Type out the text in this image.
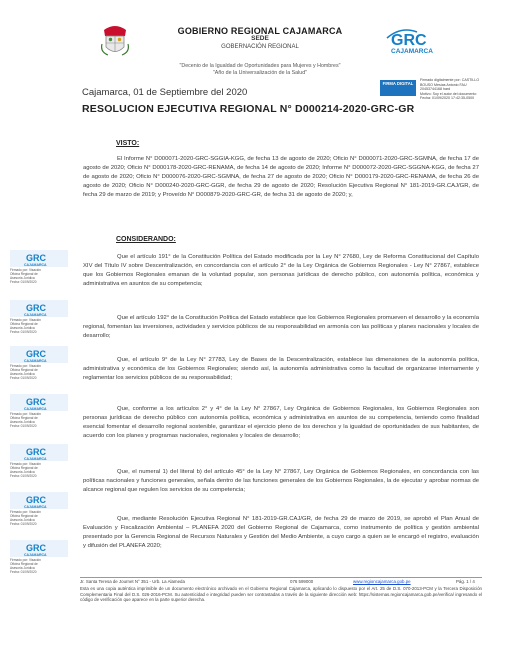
GOBIERNO REGIONAL CAJAMARCA
SEDE
GOBERNACIÓN REGIONAL	GRC
CAJAMARCA
"Decenio de la Igualdad de Oportunidades para Mujeres y Hombres"
"Año de la Universalización de la Salud"
FIRMA DIGITAL
Firmado digitalmente por: CASTILLO
BOUSO Mesías Antonio FAU
20453744168 hard
Motivo: Soy el autor del documento
Fecha: 01/09/2020 17:42:35-0500
Cajamarca, 01 de Septiembre del 2020
RESOLUCION EJECUTIVA REGIONAL N° D000214-2020-GRC-GR
VISTO:
El Informe N° D000071-2020-GRC-SGGIA-KGG, de fecha 13 de agosto de 2020; Oficio N° D000071-2020-GRC-SGMNA, de fecha 17 de agosto de 2020; Oficio N° D000178-2020-GRC-RENAMA, de fecha 14 de agosto de 2020; Informe N° D000072-2020-GRC-SGGNA-KGG, de fecha 27 de agosto de 2020; Oficio N° D000076-2020-GRC-SGMNA, de fecha 27 de agosto de 2020; Oficio N° D000179-2020-GRC-RENAMA, de fecha 26 de agosto de 2020; Oficio N° D000240-2020-GRC-GGR, de fecha 29 de agosto de 2020; Resolución Ejecutiva Regional N° 181-2019-GR.CAJ/GR, de fecha 29 de marzo de 2019; y Proveído N° D000879-2020-GRC-GR, de fecha 31 de agosto de 2020; y,
CONSIDERANDO:
Que el artículo 191° de la Constitución Política del Estado modificada por la Ley N° 27680, Ley de Reforma Constitucional del Capítulo XIV del Título IV sobre Descentralización, en concordancia con el artículo 2° de la Ley Orgánica de Gobiernos Regionales - Ley N° 27867, establece que los Gobiernos Regionales emanan de la voluntad popular, son personas jurídicas de derecho público, con autonomía política, económica y administrativa en asuntos de su competencia;
Que el artículo 192° de la Constitución Política del Estado establece que los Gobiernos Regionales promueven el desarrollo y la economía regional, fomentan las inversiones, actividades y servicios públicos de su responsabilidad en armonía con las políticas y planes nacionales y locales de desarrollo;
Que, el artículo 9° de la Ley N° 27783, Ley de Bases de la Descentralización, establece las dimensiones de la autonomía política, administrativa y económica de los Gobiernos Regionales; siendo así, la autonomía administrativa como la facultad de organizarse internamente y reglamentar los servicios públicos de su responsabilidad;
Que, conforme a los artículos 2° y 4° de la Ley N° 27867, Ley Orgánica de Gobiernos Regionales, los Gobiernos Regionales son personas jurídicas de derecho público con autonomía política, económica y administrativa en asuntos de su competencia, teniendo como finalidad esencial fomentar el desarrollo regional sostenible, garantizar el ejercicio pleno de los derechos y la igualdad de oportunidades de sus habitantes, de acuerdo con los planes y programas nacionales, regionales y locales de desarrollo;
Que, el numeral 1) del literal b) del artículo 45° de la Ley N° 27867, Ley Orgánica de Gobiernos Regionales, en concordancia con las políticas nacionales y funciones generales, señala dentro de las funciones generales de los Gobiernos Regionales, la de ejecutar y aprobar normas de alcance regional que regulen los servicios de su competencia;
Que, mediante Resolución Ejecutiva Regional N° 181-2019-GR.CAJ/GR, de fecha 29 de marzo de 2019, se aprobó el Plan Anual de Evaluación y Fiscalización Ambiental – PLANEFA 2020 del Gobierno Regional de Cajamarca, como instrumento de política y gestión ambiental presentado por la Gerencia Regional de Recursos Naturales y Gestión del Medio Ambiente, a cuyo cargo a quien se le encargó el registro, evaluación y difusión del PLANEFA 2020;
GRC
CAJAMARCA
Firmado por: Visación
Oficina Regional de
Asesoría Jurídica
Fecha: 01/09/2020
GRC
CAJAMARCA
Firmado por: Visación
Oficina Regional de
Asesoría Jurídica
Fecha: 01/09/2020
GRC
CAJAMARCA
Firmado por: Visación
Oficina Regional de
Asesoría Jurídica
Fecha: 01/09/2020
GRC
CAJAMARCA
Firmado por: Visación
Oficina Regional de
Asesoría Jurídica
Fecha: 01/09/2020
GRC
CAJAMARCA
Firmado por: Visación
Oficina Regional de
Asesoría Jurídica
Fecha: 01/09/2020
GRC
CAJAMARCA
Firmado por: Visación
Oficina Regional de
Asesoría Jurídica
Fecha: 01/09/2020
GRC
CAJAMARCA
Firmado por: Visación
Oficina Regional de
Asesoría Jurídica
Fecha: 01/09/2020
Jr. Santa Teresa de Journet N° 351 - Urb. La Alameda	076 599000	www.regioncajamarca.gob.pe	Pág. 1 / 4
Esta es una copia auténtica imprimible de un documento electrónico archivado en el Gobierno Regional Cajamarca, aplicando lo dispuesto por el Art. 25 de D.S. 070-2013-PCM y la Tercera Disposición Complementaria Final del D.S. 026-2016-PCM. Su autenticidad e integridad pueden ser contrastadas a través de la siguiente dirección web: https://sistemas.regioncajamarca.gob.pe/verifica/ ingresando el código de verificación que aparece en la parte superior derecha.
